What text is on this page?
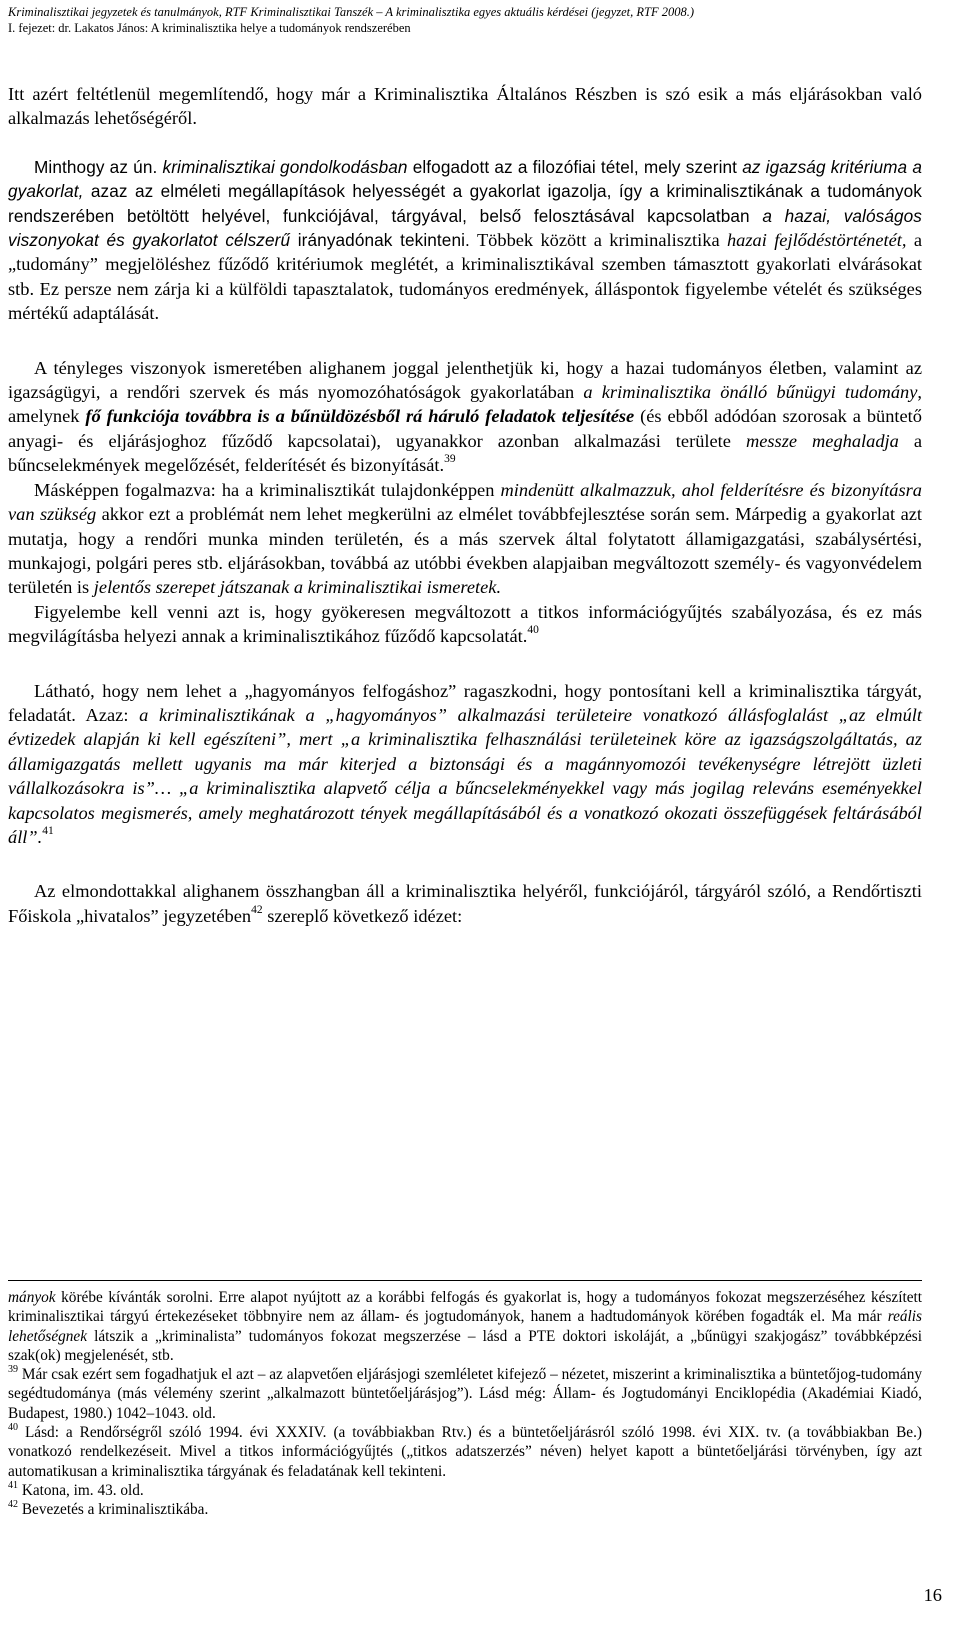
Kriminalisztikai jegyzetek és tanulmányok, RTF Kriminalisztikai Tanszék – A kriminalisztika egyes aktuális kérdései (jegyzet, RTF 2008.)
I. fejezet: dr. Lakatos János: A kriminalisztika helye a tudományok rendszerében

Itt azért feltétlenül megemlítendő, hogy már a Kriminalisztika Általános Részben is szó esik a más eljárásokban való alkalmazás lehetőségéről.

Minthogy az ún. kriminalisztikai gondolkodásban elfogadott az a filozófiai tétel, mely szerint az igazság kritériuma a gyakorlat, azaz az elméleti megállapítások helyességét a gyakorlat igazolja, így a kriminalisztikának a tudományok rendszerében betöltött helyével, funkciójával, tárgyával, belső felosztásával kapcsolatban a hazai, valóságos viszonyokat és gyakorlatot célszerű irányadónak tekinteni. Többek között a kriminalisztika hazai fejlődéstörténetét, a „tudomány” megjelöléshez fűződő kritériumok meglétét, a kriminalisztikával szemben támasztott gyakorlati elvárásokat stb. Ez persze nem zárja ki a külföldi tapasztalatok, tudományos eredmények, álláspontok figyelembe vételét és szükséges mértékű adaptálását.

A tényleges viszonyok ismeretében alighanem joggal jelenthetjük ki, hogy a hazai tudományos életben, valamint az igazságügyi, a rendőri szervek és más nyomozóhatóságok gyakorlatában a kriminalisztika önálló bűnügyi tudomány, amelynek fő funkciója továbbra is a bűnüldözésből rá háruló feladatok teljesítése (és ebből adódóan szorosak a büntető anyagi- és eljárásjoghoz fűződő kapcsolatai), ugyanakkor azonban alkalmazási területe messze meghaladja a bűncselekmények megelőzését, felderítését és bizonyítását.$^{39}$

Másképpen fogalmazva: ha a kriminalisztikát tulajdonképpen mindenütt alkalmazzuk, ahol felderítésre és bizonyításra van szükség akkor ezt a problémát nem lehet megkerülni az elmélet továbbfejlesztése során sem. Márpedig a gyakorlat azt mutatja, hogy a rendőri munka minden területén, és a más szervek által folytatott államigazgatási, szabálysértési, munkajogi, polgári peres stb. eljárásokban, továbbá az utóbbi években alapjaiban megváltozott személy- és vagyonvédelem területén is jelentős szerepet játszanak a kriminalisztikai ismeretek.

Figyelembe kell venni azt is, hogy gyökeresen megváltozott a titkos információgyűjtés szabályozása, és ez más megvilágításba helyezi annak a kriminalisztikához fűződő kapcsolatát.$^{40}$

Látható, hogy nem lehet a „hagyományos felfogáshoz” ragaszkodni, hogy pontosítani kell a kriminalisztika tárgyát, feladatát. Azaz: a kriminalisztikának a „hagyományos” alkalmazási területeire vonatkozó állásfoglalást „az elmúlt évtizedek alapján ki kell egészíteni”, mert „a kriminalisztika felhasználási területeinek köre az igazságszolgáltatás, az államigazgatás mellett ugyanis ma már kiterjed a biztonsági és a magánnyomozói tevékenységre létrejött üzleti vállalkozásokra is”… „a kriminalisztika alapvető célja a bűncselekményekkel vagy más jogilag releváns eseményekkel kapcsolatos megismerés, amely meghatározott tények megállapításából és a vonatkozó okozati összefüggések feltárásából áll”.$^{41}$

Az elmondottakkal alighanem összhangban áll a kriminalisztika helyéről, funkciójáról, tárgyáról szóló, a Rendőrtiszti Főiskola „hivatalos” jegyzetében$^{42}$ szereplő következő idézet:

mányok körébe kívánták sorolni. Erre alapot nyújtott az a korábbi felfogás és gyakorlat is, hogy a tudományos fokozat megszerzéséhez készített kriminalisztikai tárgyú értekezéseket többnyire nem az állam- és jogtudományok, hanem a hadtudományok körében fogadták el. Ma már reális lehetőségnek látszik a „kriminalista” tudományos fokozat megszerzése – lásd a PTE doktori iskoláját, a „bűnügyi szakjogász” továbbképzési szak(ok) megjelenését, stb.

$^{39}$ Már csak ezért sem fogadhatjuk el azt – az alapvetően eljárásjogi szemléletet kifejező – nézetet, miszerint a kriminalisztika a büntetőjog-tudomány segédtudománya (más vélemény szerint „alkalmazott büntetőeljárásjog”). Lásd még: Állam- és Jogtudományi Enciklopédia (Akadémiai Kiadó, Budapest, 1980.) 1042–1043. old.

$^{40}$ Lásd: a Rendőrségről szóló 1994. évi XXXIV. (a továbbiakban Rtv.) és a büntetőeljárásról szóló 1998. évi XIX. tv. (a továbbiakban Be.) vonatkozó rendelkezéseit. Mivel a titkos információgyűjtés („titkos adatszerzés” néven) helyet kapott a büntetőeljárási törvényben, így azt automatikusan a kriminalisztika tárgyának és feladatának kell tekinteni.

$^{41}$ Katona, im. 43. old.

$^{42}$ Bevezetés a kriminalisztikába.

16
